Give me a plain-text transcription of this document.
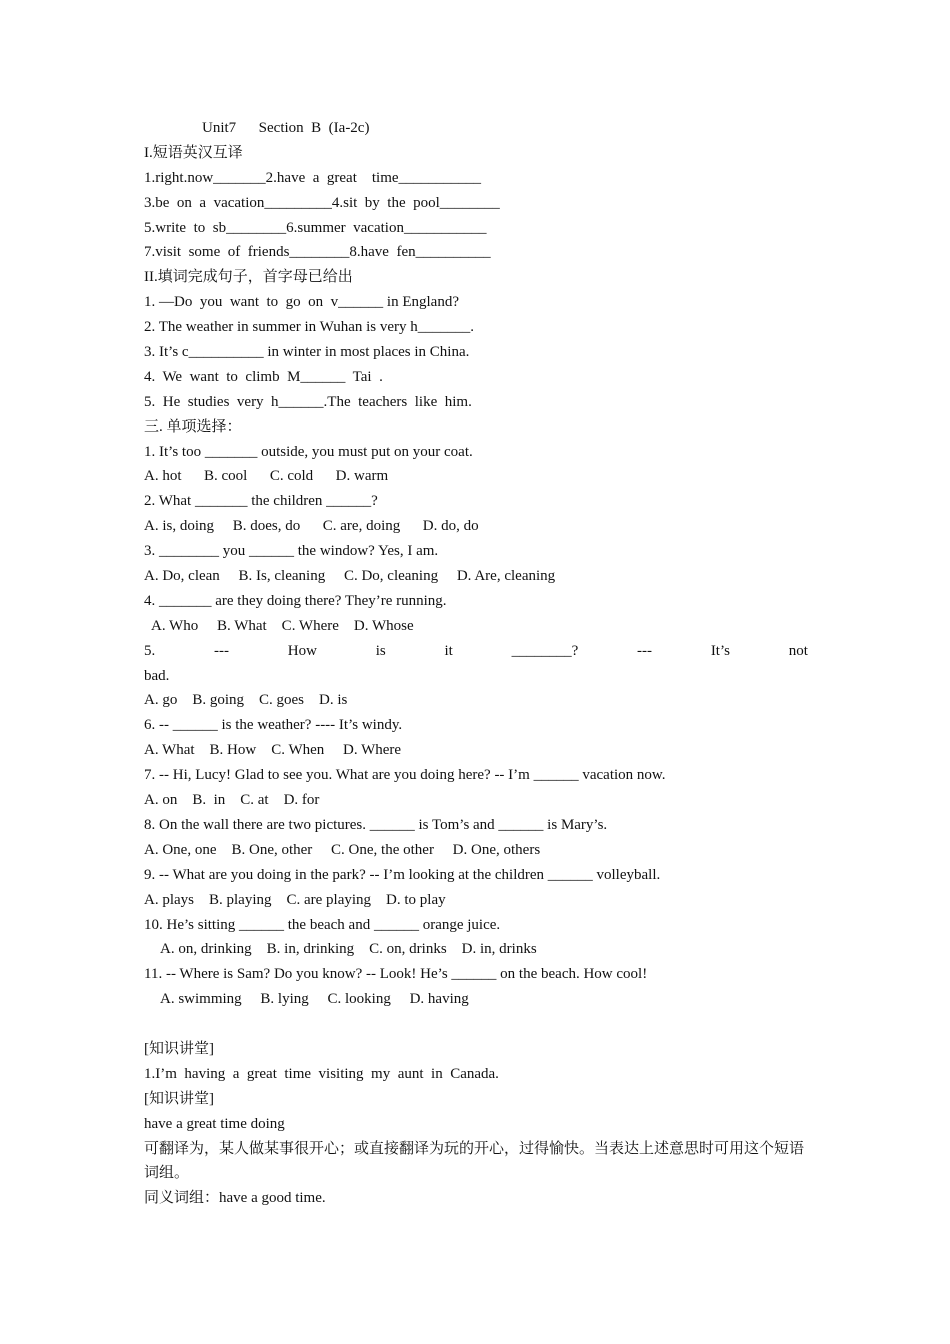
Unit7      Section  B  (Ia-2c)
I.短语英汉互译
1.right.now_______2.have  a  great    time___________
3.be  on  a  vacation_________4.sit  by  the  pool________
5.write  to  sb________6.summer  vacation___________
7.visit  some  of  friends________8.have  fen__________
II.填词完成句子，首字母已给出
1. —Do  you  want  to  go  on  v______ in England?
2. The weather in summer in Wuhan is very h_______.
3. It’s c__________ in winter in most places in China.
4.  We  want  to  climb  M______  Tai  .
5.  He  studies  very  h______.The  teachers  like  him.
三. 单项选择：
1. It’s too _______ outside, you must put on your coat.
A. hot      B. cool      C. cold      D. warm
2. What _______ the children ______?
A. is, doing     B. does, do      C. are, doing      D. do, do
3. ________ you ______ the window? Yes, I am.
A. Do, clean     B. Is, cleaning     C. Do, cleaning     D. Are, cleaning
4. _______ are they doing there? They’re running.
A. Who     B. What    C. Where    D. Whose
5.	---	How	is	it	________?	---	It’s	not
bad.
A. go    B. going    C. goes    D. is
6. -- ______ is the weather? ---- It’s windy.
A. What    B. How    C. When     D. Where
7. -- Hi, Lucy! Glad to see you. What are you doing here? -- I’m ______ vacation now.
A. on    B.  in    C. at    D. for
8. On the wall there are two pictures. ______ is Tom’s and ______ is Mary’s.
A. One, one    B. One, other     C. One, the other     D. One, others
9. -- What are you doing in the park? -- I’m looking at the children ______ volleyball.
A. plays    B. playing    C. are playing    D. to play
10. He’s sitting ______ the beach and ______ orange juice.
A. on, drinking    B. in, drinking    C. on, drinks    D. in, drinks
11. -- Where is Sam? Do you know? -- Look! He’s ______ on the beach. How cool!
A. swimming     B. lying     C. looking     D. having
[知识讲堂]
1.I’m  having  a  great  time  visiting  my  aunt  in  Canada.
[知识讲堂]
have a great time doing
可翻译为，某人做某事很开心；或直接翻译为玩的开心，过得愉快。当表达上述意思时可用这个短语词组。
同义词组：have a good time.
